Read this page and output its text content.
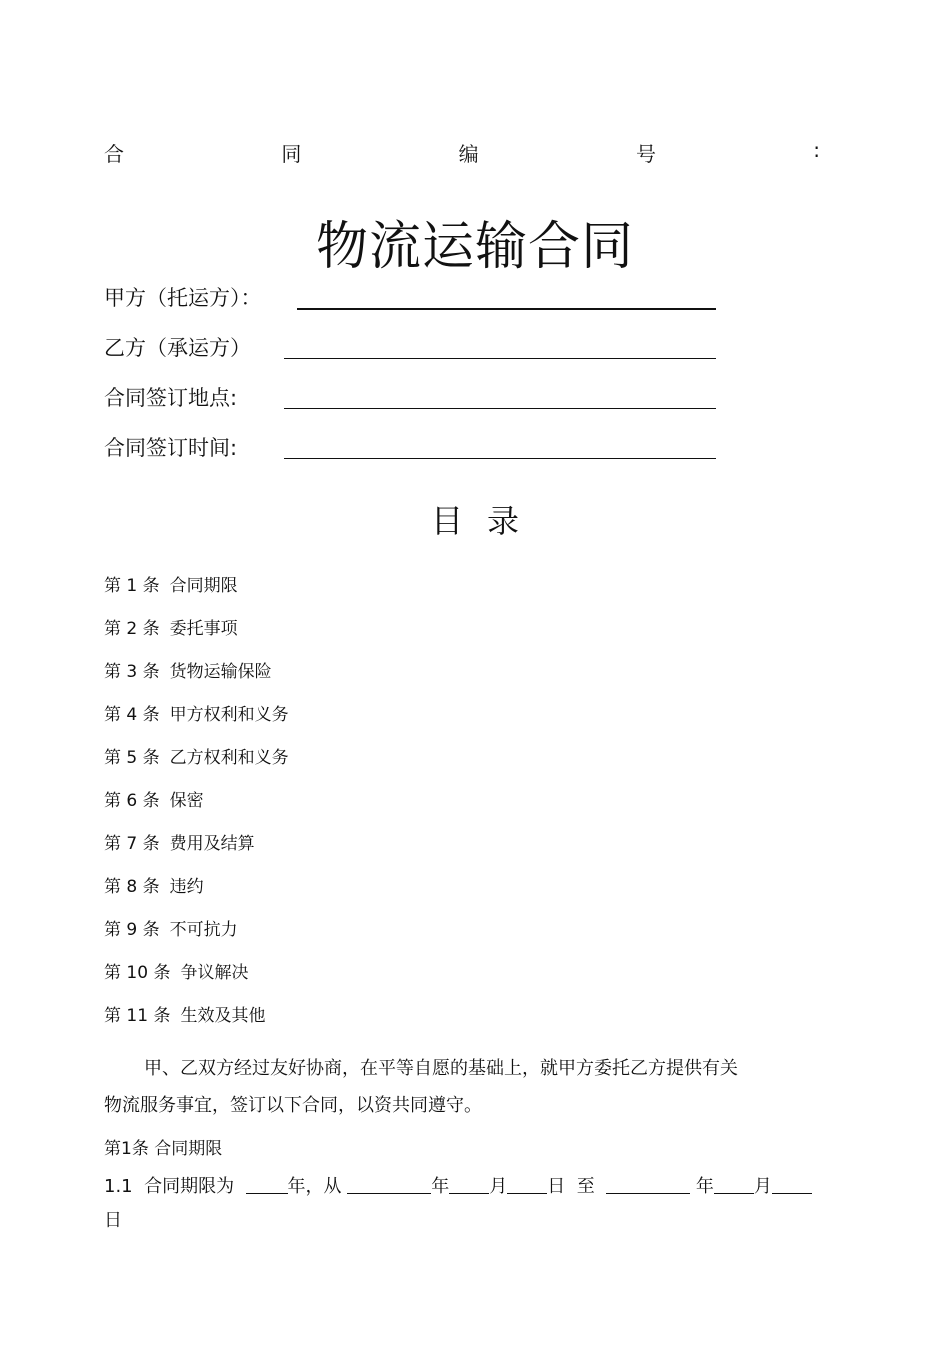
合	同	编	号	:
物流运输合同
甲方（托运方）：
乙方（承运方）
合同签订地点:
合同签订时间:
目录
第 1 条 合同期限
第 2 条 委托事项
第 3 条 货物运输保险
第 4 条 甲方权利和义务
第 5 条 乙方权利和义务
第 6 条 保密
第 7 条 费用及结算
第 8 条 违约
第 9 条 不可抗力
第 10 条 争议解决
第 11 条 生效及其他

甲、乙双方经过友好协商，在平等自愿的基础上，就甲方委托乙方提供有关

物流服务事宜，签订以下合同，以资共同遵守。

第1条 合同期限
1.1 合同期限为	年，从	年 月 日 至	年 月
日
